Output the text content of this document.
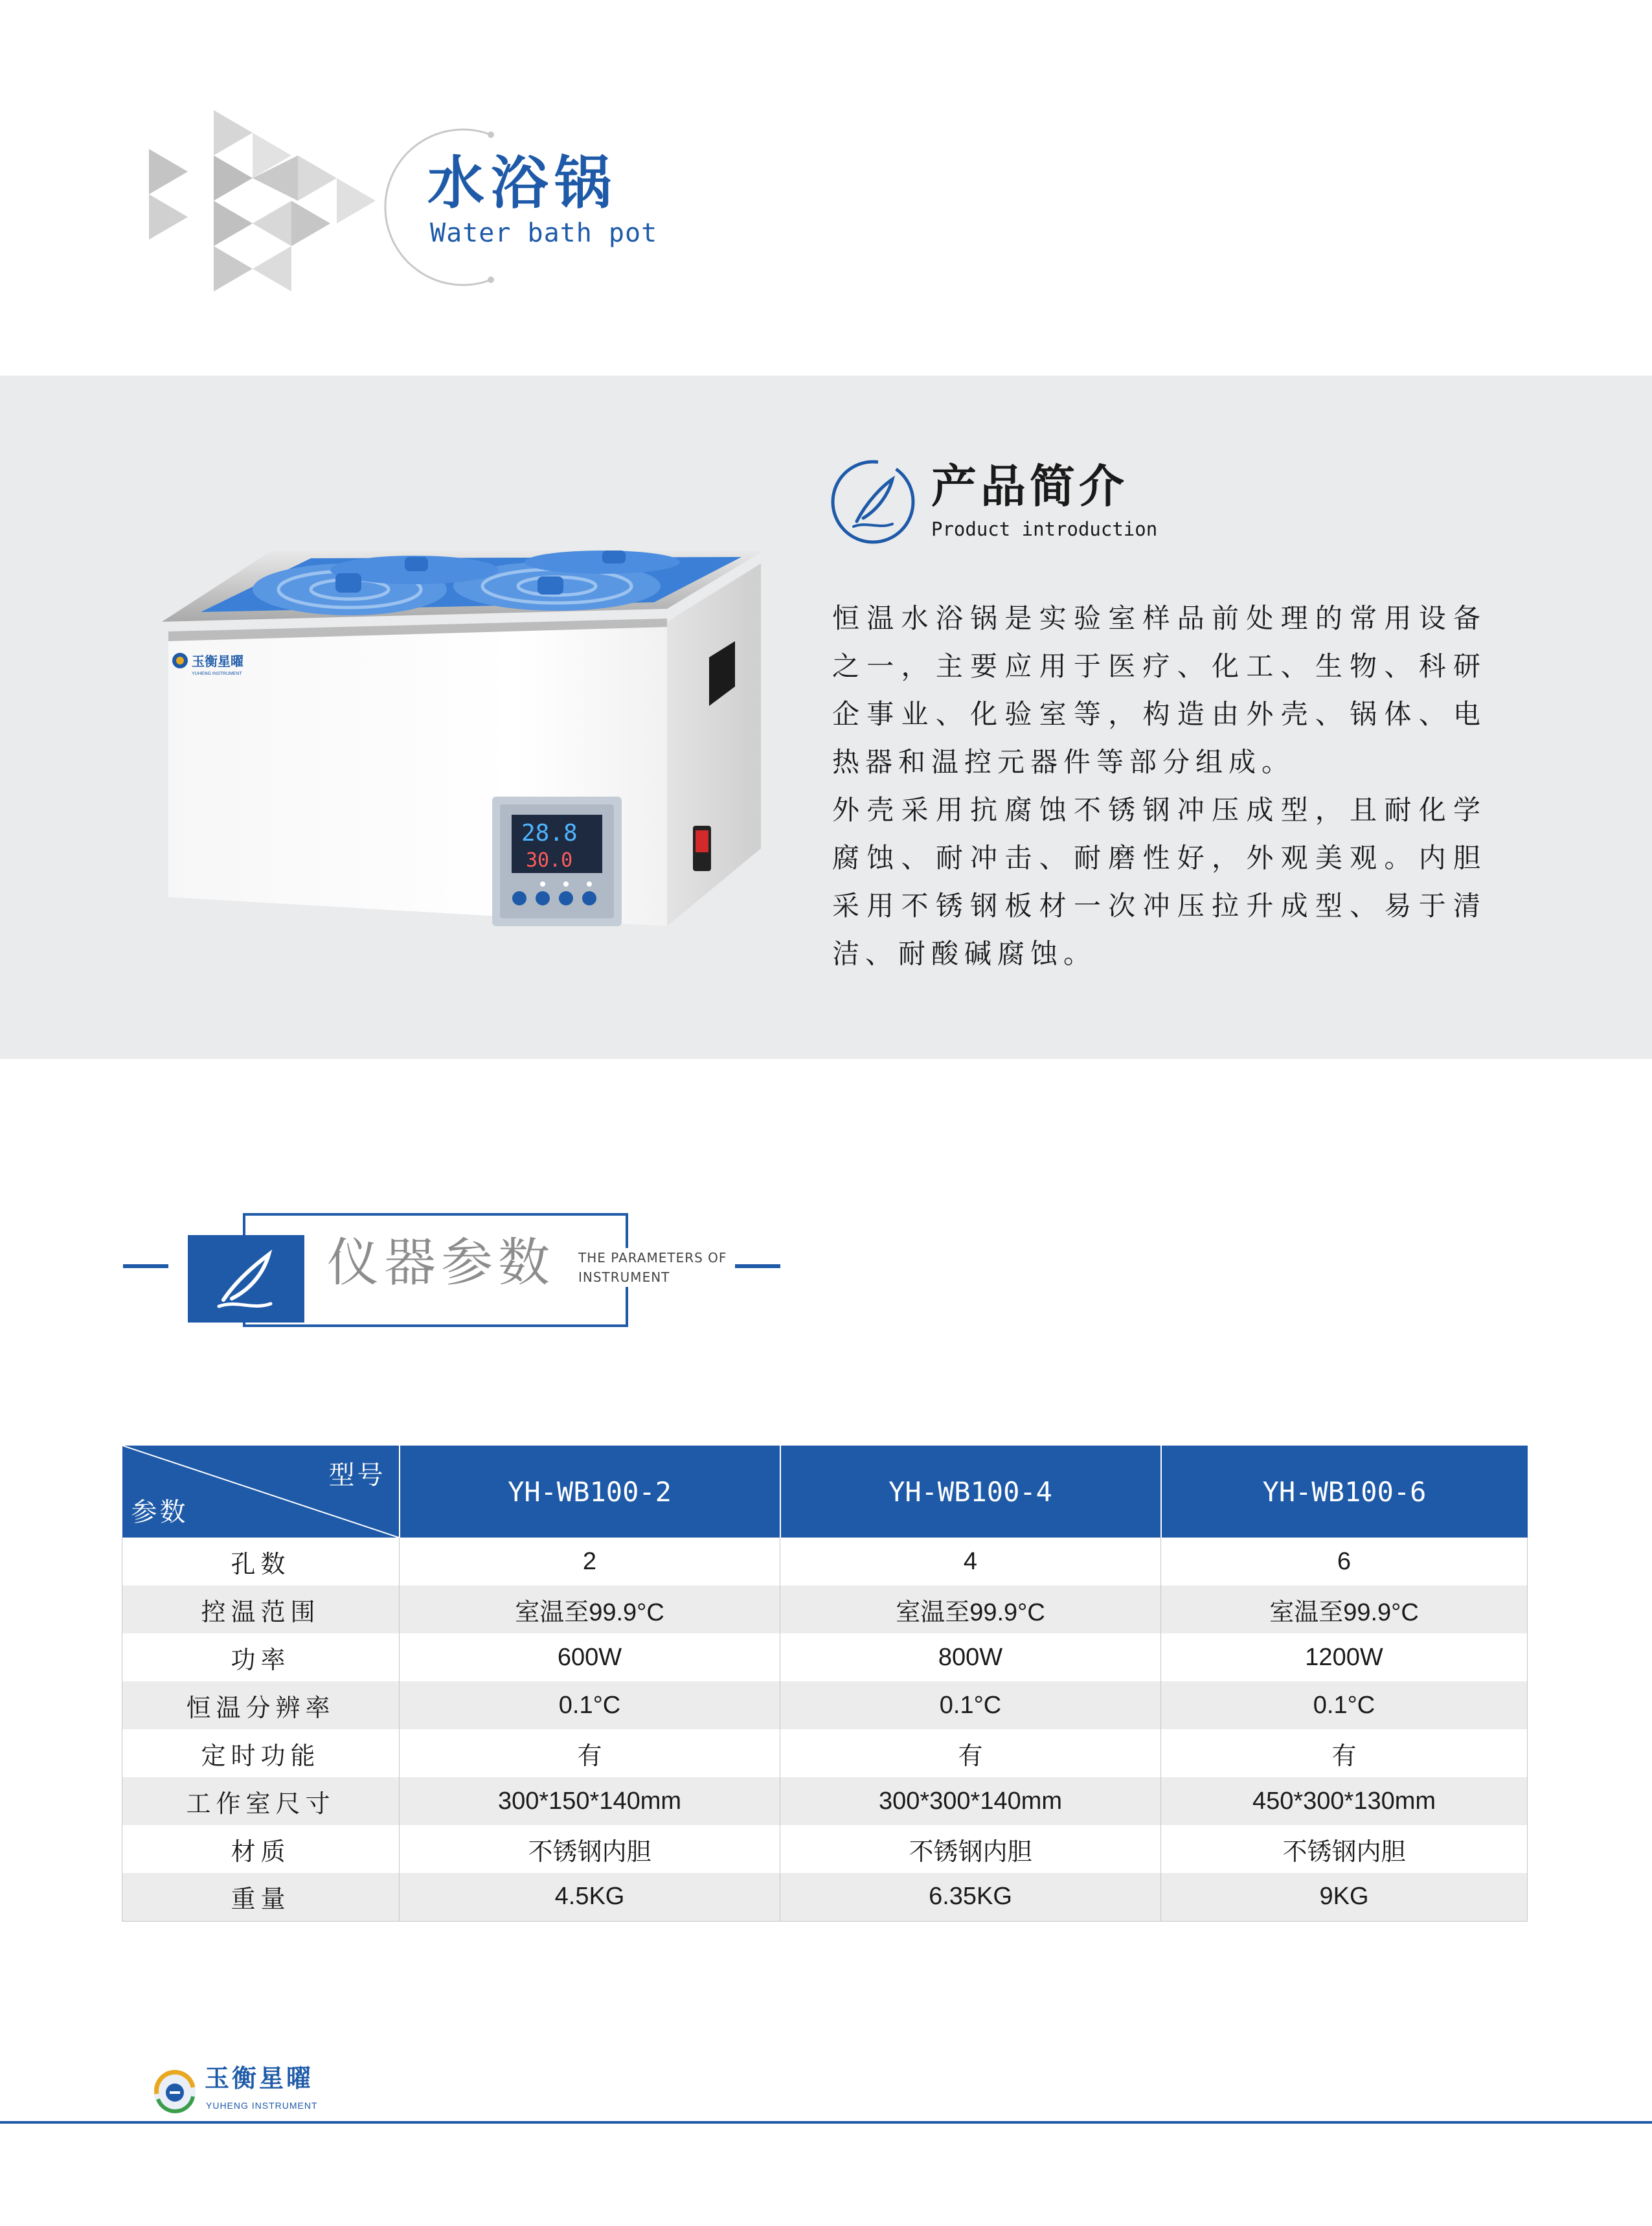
水浴锅
Water bath pot
玉衡星曜
YUHENG INSTRUMENT
28.8
30.0
产品简介
Product introduction

恒温水浴锅是实验室样品前处理的常用设备之一，主要应用于医疗、化工、生物、科研企事业、化验室等，构造由外壳、锅体、电热器和温控元器件等部分组成。

外壳采用抗腐蚀不锈钢冲压成型，且耐化学腐蚀、耐冲击、耐磨性好，外观美观。内胆采用不锈钢板材一次冲压拉升成型、易于清洁、耐酸碱腐蚀。

仪器参数	THE PARAMETERS OF
INSTRUMENT
型号
参数	YH-WB100-2	YH-WB100-4	YH-WB100-6
孔数	2	4	6
控温范围	室温至99.9°C	室温至99.9°C	室温至99.9°C
功率	600W	800W	1200W
恒温分辨率	0.1°C	0.1°C	0.1°C
定时功能	有	有	有
工作室尺寸	300*150*140mm	300*300*140mm	450*300*130mm
材质	不锈钢内胆	不锈钢内胆	不锈钢内胆
重量	4.5KG	6.35KG	9KG
玉衡星曜
YUHENG INSTRUMENT
